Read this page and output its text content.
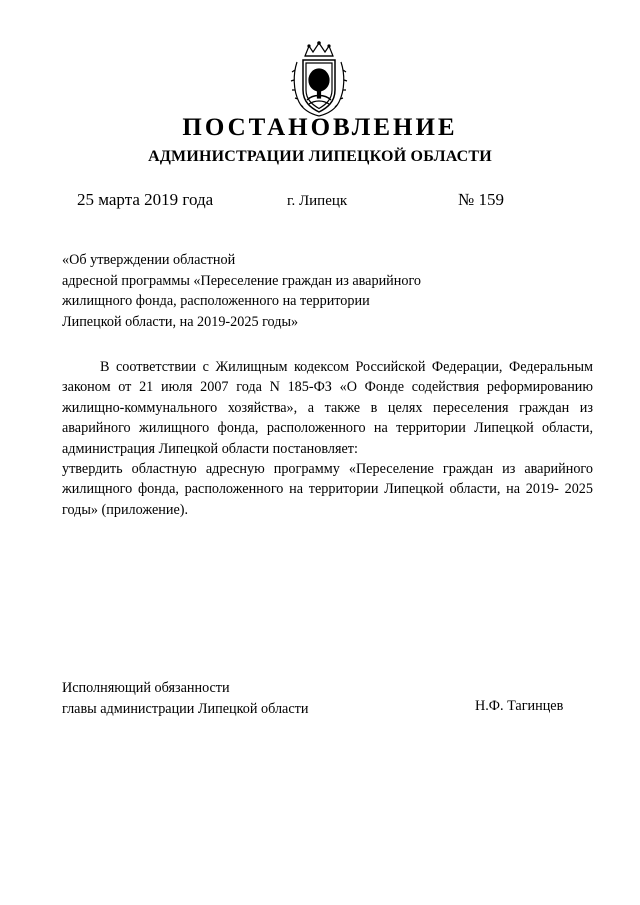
ПОСТАНОВЛЕНИЕ
АДМИНИСТРАЦИИ ЛИПЕЦКОЙ ОБЛАСТИ
25 марта 2019 года	г. Липецк	№ 159
«Об утверждении областной
адресной программы «Переселение граждан из аварийного
жилищного фонда, расположенного на территории
Липецкой области, на 2019-2025 годы»
В соответствии с Жилищным кодексом Российской Федерации, Федеральным
законом от 21 июля 2007 года N 185-ФЗ «О Фонде содействия реформированию
жилищно-коммунального хозяйства», а также в целях переселения граждан из
аварийного жилищного фонда, расположенного на территории Липецкой области,
администрация Липецкой области постановляет:
утвердить областную адресную программу «Переселение граждан из аварийного
жилищного фонда, расположенного на территории Липецкой области, на 2019- 2025
годы» (приложение).
Исполняющий обязанности
главы администрации Липецкой области	Н.Ф. Тагинцев
